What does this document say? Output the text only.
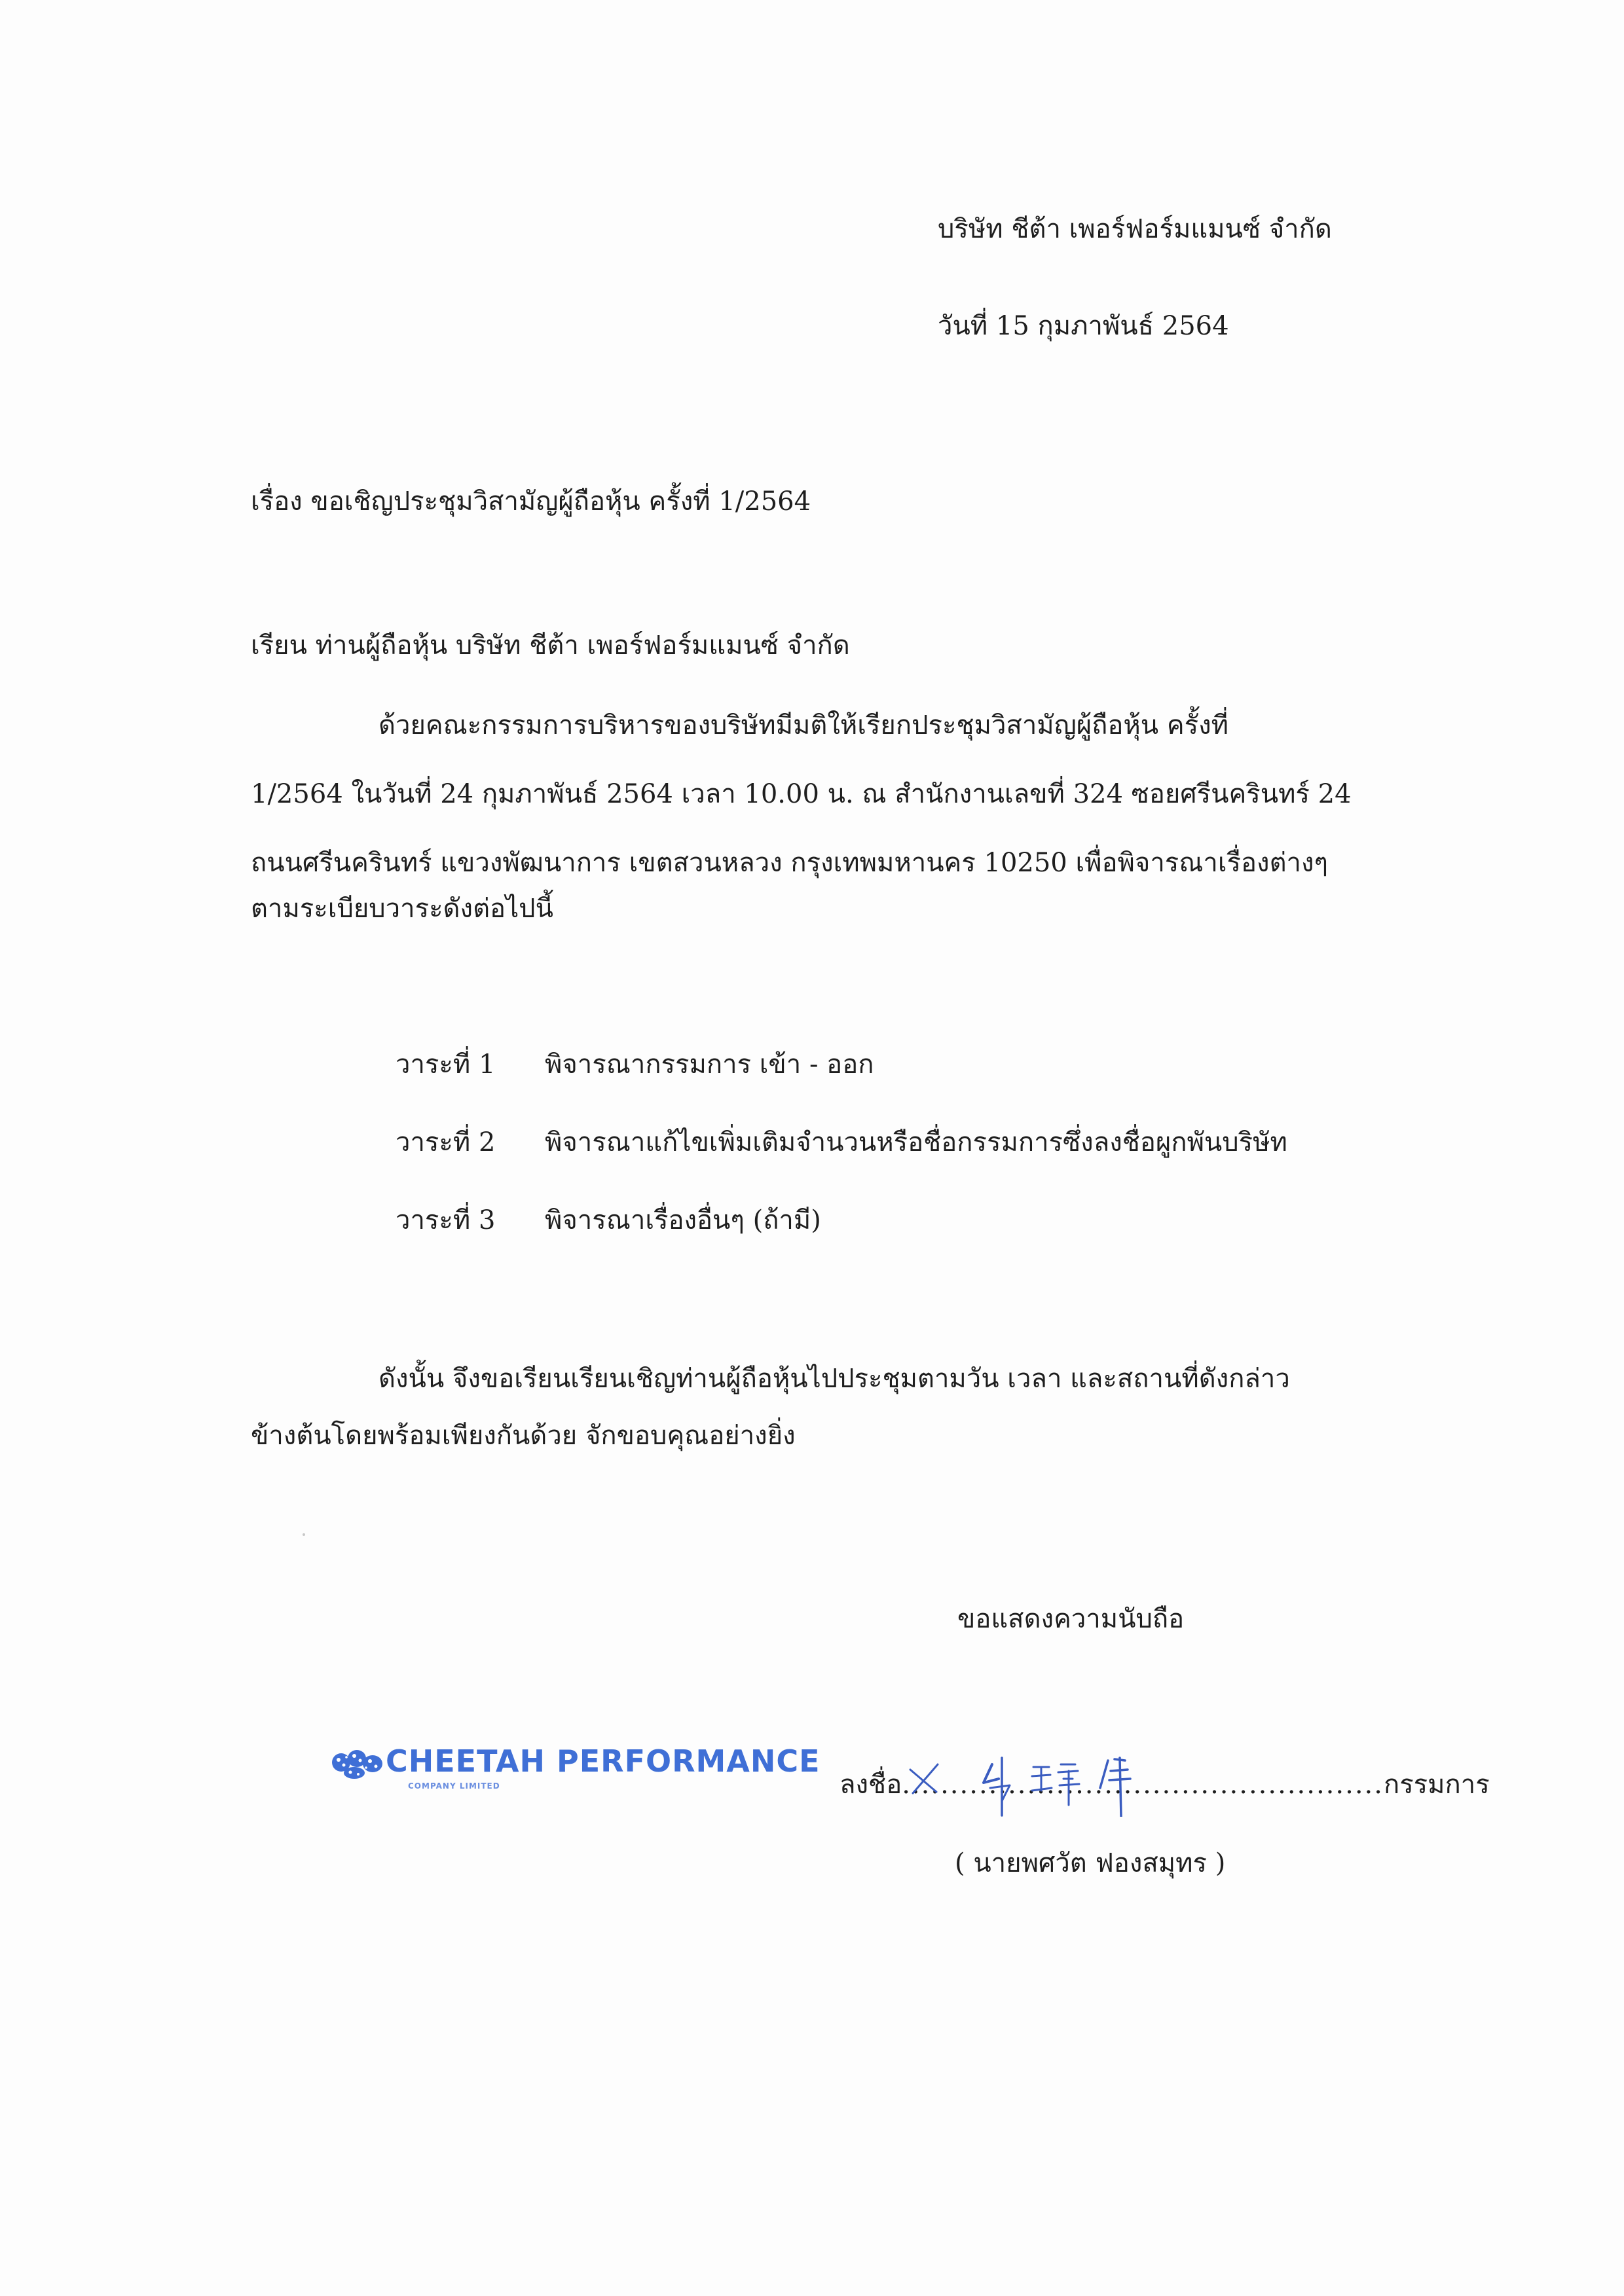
บริษัท ชีต้า เพอร์ฟอร์มแมนซ์ จำกัด
วันที่ 15 กุมภาพันธ์ 2564
เรื่อง ขอเชิญประชุมวิสามัญผู้ถือหุ้น ครั้งที่ 1/2564
เรียน ท่านผู้ถือหุ้น บริษัท ชีต้า เพอร์ฟอร์มแมนซ์ จำกัด
ด้วยคณะกรรมการบริหารของบริษัทมีมติให้เรียกประชุมวิสามัญผู้ถือหุ้น ครั้งที่
1/2564 ในวันที่ 24 กุมภาพันธ์ 2564 เวลา 10.00 น. ณ สำนักงานเลขที่ 324 ซอยศรีนครินทร์ 24
ถนนศรีนครินทร์ แขวงพัฒนาการ เขตสวนหลวง กรุงเทพมหานคร 10250 เพื่อพิจารณาเรื่องต่างๆ
ตามระเบียบวาระดังต่อไปนี้
วาระที่ 1 พิจารณากรรมการ เข้า - ออก
วาระที่ 2 พิจารณาแก้ไขเพิ่มเติมจำนวนหรือชื่อกรรมการซึ่งลงชื่อผูกพันบริษัท
วาระที่ 3 พิจารณาเรื่องอื่นๆ (ถ้ามี)
ดังนั้น จึงขอเรียนเรียนเชิญท่านผู้ถือหุ้นไปประชุมตามวัน เวลา และสถานที่ดังกล่าว
ข้างต้นโดยพร้อมเพียงกันด้วย จักขอบคุณอย่างยิ่ง
ขอแสดงความนับถือ
CHEETAH PERFORMANCE
COMPANY LIMITED	ลงชื่อ..................................................กรรมการ
( นายพศวัต ฟองสมุทร )
